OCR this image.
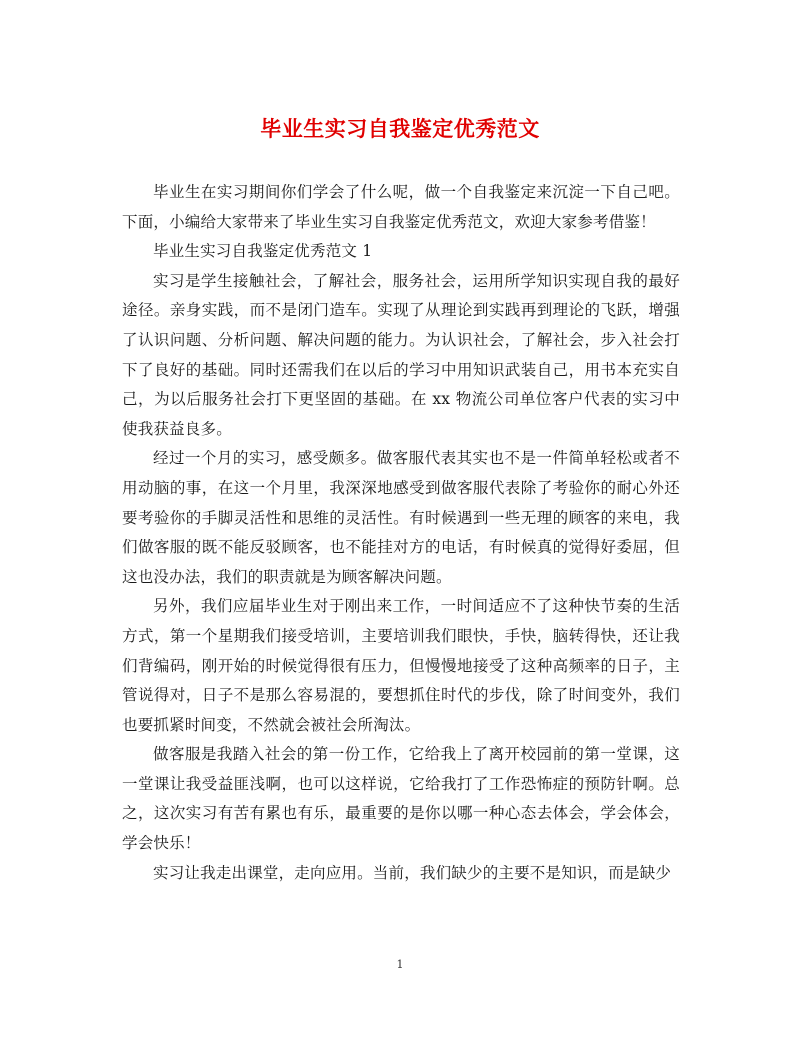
毕业生实习自我鉴定优秀范文

毕业生在实习期间你们学会了什么呢，做一个自我鉴定来沉淀一下自己吧。下面，小编给大家带来了毕业生实习自我鉴定优秀范文，欢迎大家参考借鉴！

毕业生实习自我鉴定优秀范文 1

实习是学生接触社会，了解社会，服务社会，运用所学知识实现自我的最好途径。亲身实践，而不是闭门造车。实现了从理论到实践再到理论的飞跃，增强了认识问题、分析问题、解决问题的能力。为认识社会，了解社会，步入社会打下了良好的基础。同时还需我们在以后的学习中用知识武装自己，用书本充实自己，为以后服务社会打下更坚固的基础。在 xx 物流公司单位客户代表的实习中使我获益良多。

经过一个月的实习，感受颇多。做客服代表其实也不是一件简单轻松或者不用动脑的事，在这一个月里，我深深地感受到做客服代表除了考验你的耐心外还要考验你的手脚灵活性和思维的灵活性。有时候遇到一些无理的顾客的来电，我们做客服的既不能反驳顾客，也不能挂对方的电话，有时候真的觉得好委屈，但这也没办法，我们的职责就是为顾客解决问题。

另外，我们应届毕业生对于刚出来工作，一时间适应不了这种快节奏的生活方式，第一个星期我们接受培训，主要培训我们眼快，手快，脑转得快，还让我们背编码，刚开始的时候觉得很有压力，但慢慢地接受了这种高频率的日子，主管说得对，日子不是那么容易混的，要想抓住时代的步伐，除了时间变外，我们也要抓紧时间变，不然就会被社会所淘汰。

做客服是我踏入社会的第一份工作，它给我上了离开校园前的第一堂课，这一堂课让我受益匪浅啊，也可以这样说，它给我打了工作恐怖症的预防针啊。总之，这次实习有苦有累也有乐，最重要的是你以哪一种心态去体会，学会体会，学会快乐！

实习让我走出课堂，走向应用。当前，我们缺少的主要不是知识，而是缺少

1
